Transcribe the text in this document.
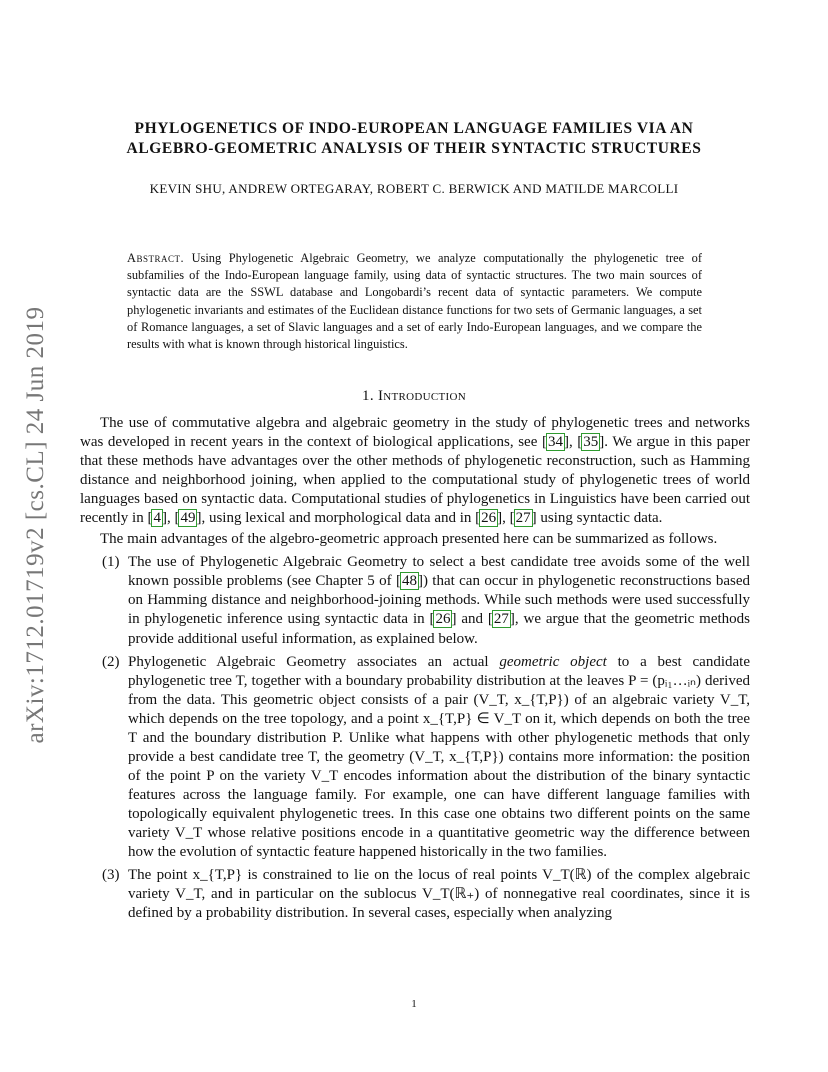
arXiv:1712.01719v2 [cs.CL] 24 Jun 2019
PHYLOGENETICS OF INDO-EUROPEAN LANGUAGE FAMILIES VIA AN
ALGEBRO-GEOMETRIC ANALYSIS OF THEIR SYNTACTIC STRUCTURES
KEVIN SHU, ANDREW ORTEGARAY, ROBERT C. BERWICK AND MATILDE MARCOLLI
Abstract. Using Phylogenetic Algebraic Geometry, we analyze computationally the phylogenetic tree of subfamilies of the Indo-European language family, using data of syntactic structures. The two main sources of syntactic data are the SSWL database and Longobardi’s recent data of syntactic parameters. We compute phylogenetic invariants and estimates of the Euclidean distance functions for two sets of Germanic languages, a set of Romance languages, a set of Slavic languages and a set of early Indo-European languages, and we compare the results with what is known through historical linguistics.
1. Introduction

The use of commutative algebra and algebraic geometry in the study of phylogenetic trees and networks was developed in recent years in the context of biological applications, see [34], [35]. We argue in this paper that these methods have advantages over the other methods of phylogenetic reconstruction, such as Hamming distance and neighborhood joining, when applied to the computational study of phylogenetic trees of world languages based on syntactic data. Computational studies of phylogenetics in Linguistics have been carried out recently in [4], [49], using lexical and morphological data and in [26], [27] using syntactic data.

The main advantages of the algebro-geometric approach presented here can be summarized as follows.

(1) The use of Phylogenetic Algebraic Geometry to select a best candidate tree avoids some of the well known possible problems (see Chapter 5 of [48]) that can occur in phylogenetic reconstructions based on Hamming distance and neighborhood-joining methods. While such methods were used successfully in phylogenetic inference using syntactic data in [26] and [27], we argue that the geometric methods provide additional useful information, as explained below.
(2) Phylogenetic Algebraic Geometry associates an actual geometric object to a best candidate phylogenetic tree T, together with a boundary probability distribution at the leaves P = (pᵢ₁…ᵢₙ) derived from the data. This geometric object consists of a pair (V_T, x_{T,P}) of an algebraic variety V_T, which depends on the tree topology, and a point x_{T,P} ∈ V_T on it, which depends on both the tree T and the boundary distribution P. Unlike what happens with other phylogenetic methods that only provide a best candidate tree T, the geometry (V_T, x_{T,P}) contains more information: the position of the point P on the variety V_T encodes information about the distribution of the binary syntactic features across the language family. For example, one can have different language families with topologically equivalent phylogenetic trees. In this case one obtains two different points on the same variety V_T whose relative positions encode in a quantitative geometric way the difference between how the evolution of syntactic feature happened historically in the two families.
(3) The point x_{T,P} is constrained to lie on the locus of real points V_T(ℝ) of the complex algebraic variety V_T, and in particular on the sublocus V_T(ℝ₊) of nonnegative real coordinates, since it is defined by a probability distribution. In several cases, especially when analyzing
1
